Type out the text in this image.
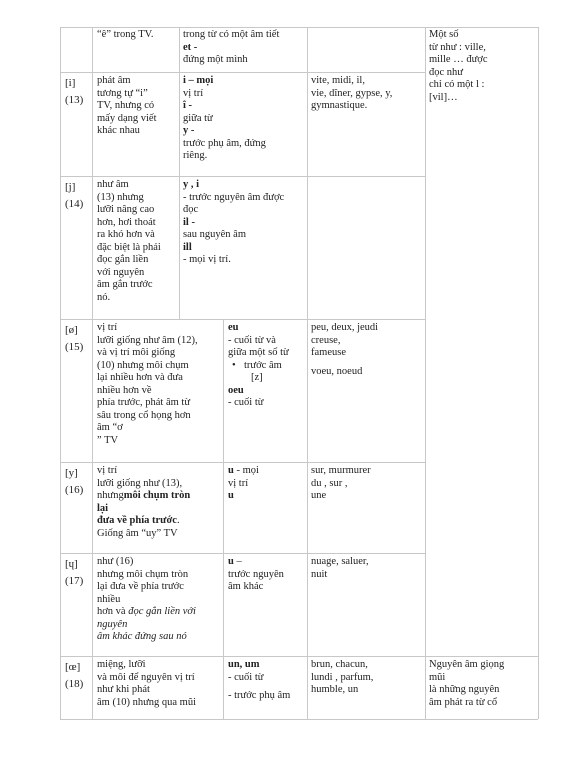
“ê” trong TV.	trong từ có một âm tiết
et -
đứng một mình
Một số
từ như : ville,
mille … được
đọc như
chỉ có một l :
[vil]…
[i]
(13)
phát âm
tương tự “i”
TV, nhưng có
mấy dạng viết
khác nhau
i – mọi
vị trí
î -
giữa từ
y -
trước phụ âm, đứng
riêng.
vite, midi, il,
vie, dîner, gypse, y,
gymnastique.
[j]
(14)
như âm
(13) nhưng
lưỡi nâng cao
hơn, hơi thoát
ra khó hơn và
đặc biệt là phải
đọc gắn liền
với nguyên
âm gắn trước
nó.
y , i
- trước nguyên âm được
đọc
il -
sau nguyên âm
ill
- mọi vị trí.
[ø]
(15)
vị trí
lưỡi giống như âm (12),
và vị trí môi giống
(10) nhưng môi chụm
lại nhiều hơn và đưa
nhiều hơn về
phía trước, phát âm từ
sâu trong cổ họng hơn
âm “ơ
” TV
eu
- cuối từ và
giữa một số từ
• trước âm
[z]
oeu
- cuối từ
peu, deux, jeudi
creuse,
fameuse
voeu, noeud
[y]
(16)
vị trí
lưỡi giống như (13),
nhưngmôi chụm tròn
lại
đưa về phía trước.
Giống âm “uy” TV
u - mọi
vị trí
u
sur, murmurer
du , sur ,
une
[ɥ]
(17)
như (16)
nhưng môi chụm tròn
lại đưa về phía trước
nhiều
hơn và đọc gắn liền với
nguyên
âm khác đứng sau nó
u –
trước nguyên
âm khác
nuage, saluer,
nuit
[œ]
(18)
miệng, lưỡi
và môi để nguyên vị trí
như khi phát
âm (10) nhưng qua mũi
un, um
- cuối từ
- trước phụ âm
brun, chacun,
lundi , parfum,
humble, un
Nguyên âm giọng
mũi
là những nguyên
âm phát ra từ cổ
